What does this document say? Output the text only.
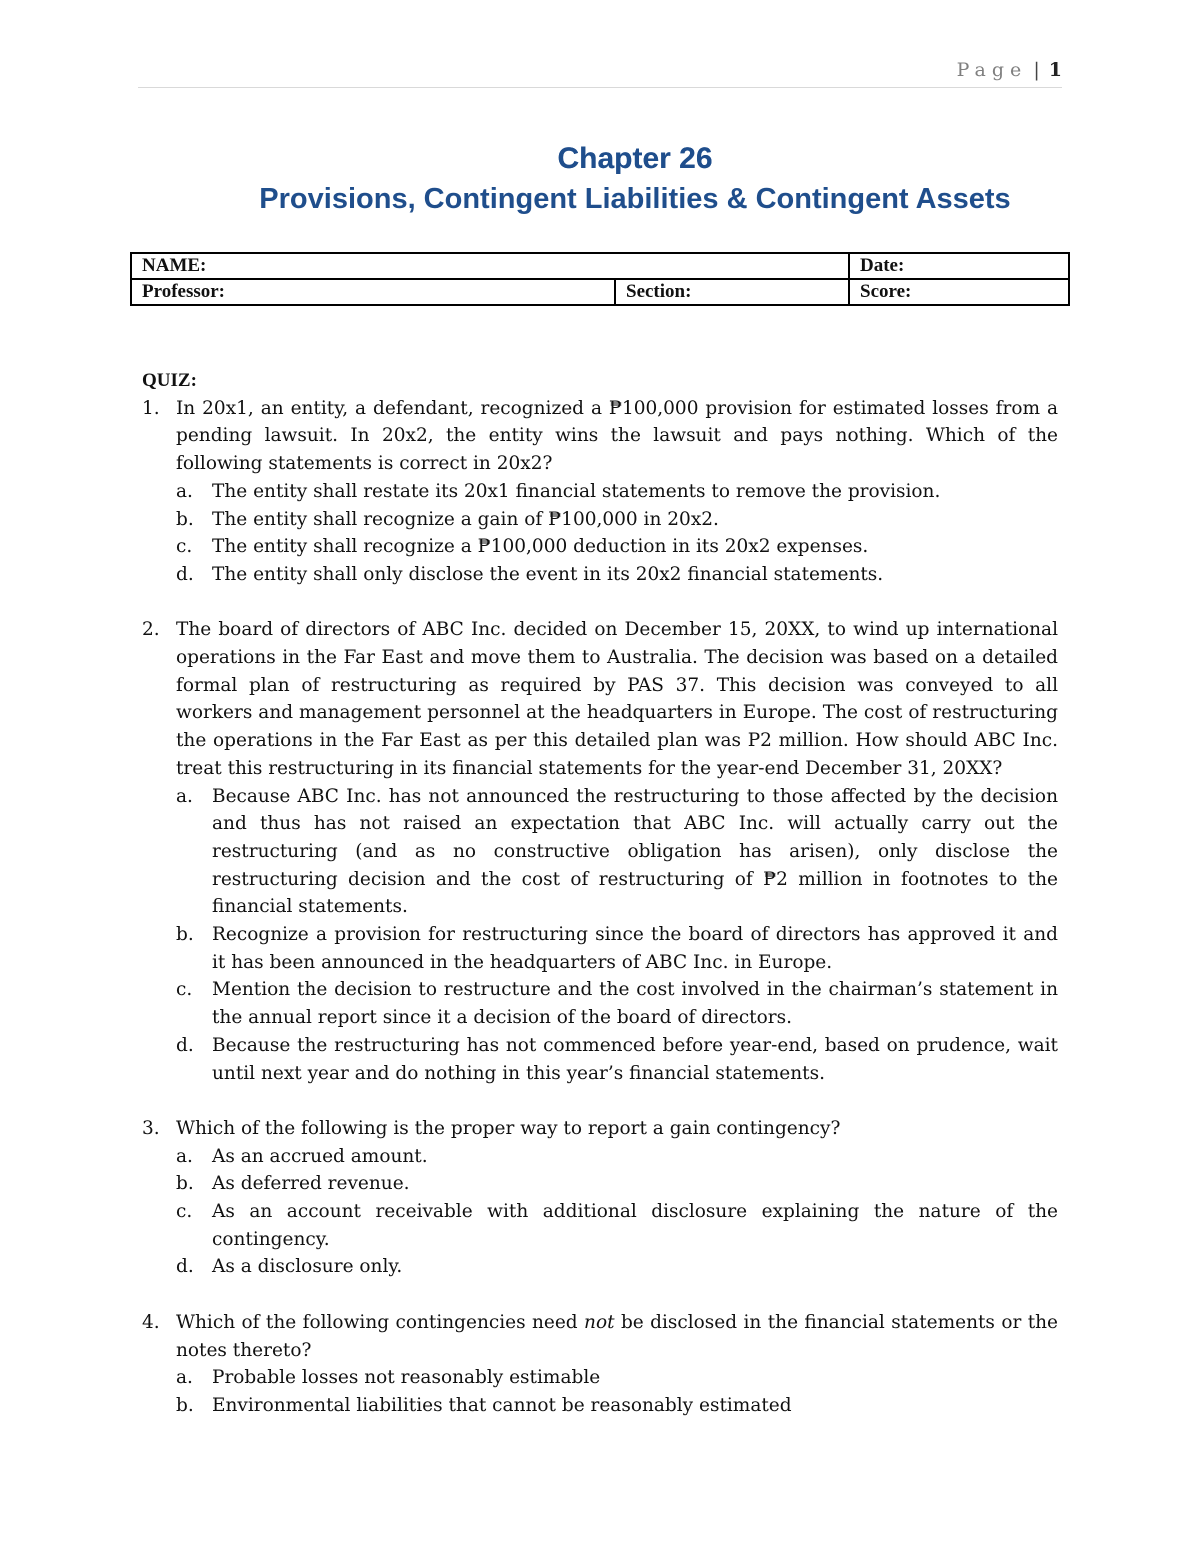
Page | 1
Chapter 26
Provisions, Contingent Liabilities & Contingent Assets
NAME:		Date:
Professor:	Section:	Score:
QUIZ:
1. In 20x1, an entity, a defendant, recognized a ₱100,000 provision for estimated losses from a pending lawsuit. In 20x2, the entity wins the lawsuit and pays nothing. Which of the following statements is correct in 20x2?
a.	The entity shall restate its 20x1 financial statements to remove the provision.
b. The entity shall recognize a gain of ₱100,000 in 20x2.
c.	The entity shall recognize a ₱100,000 deduction in its 20x2 expenses.
d. The entity shall only disclose the event in its 20x2 financial statements.
2. The board of directors of ABC Inc. decided on December 15, 20XX, to wind up international operations in the Far East and move them to Australia. The decision was based on a detailed formal plan of restructuring as required by PAS 37. This decision was conveyed to all workers and management personnel at the headquarters in Europe. The cost of restructuring the operations in the Far East as per this detailed plan was P2 million. How should ABC Inc. treat this restructuring in its financial statements for the year-end December 31, 20XX?
a.	Because ABC Inc. has not announced the restructuring to those affected by the decision and thus has not raised an expectation that ABC Inc. will actually carry out the restructuring (and as no constructive obligation has arisen), only disclose the restructuring decision and the cost of restructuring of ₱2 million in footnotes to the financial statements.
b. Recognize a provision for restructuring since the board of directors has approved it and it has been announced in the headquarters of ABC Inc. in Europe.
c.	Mention the decision to restructure and the cost involved in the chairman’s statement in the annual report since it a decision of the board of directors.
d. Because the restructuring has not commenced before year-end, based on prudence, wait until next year and do nothing in this year’s financial statements.
3. Which of the following is the proper way to report a gain contingency?
a.	As an accrued amount.
b. As deferred revenue.
c.	As an account receivable with additional disclosure explaining the nature of the contingency.
d. As a disclosure only.
4. Which of the following contingencies need not be disclosed in the financial statements or the notes thereto?
a.	Probable losses not reasonably estimable
b. Environmental liabilities that cannot be reasonably estimated
